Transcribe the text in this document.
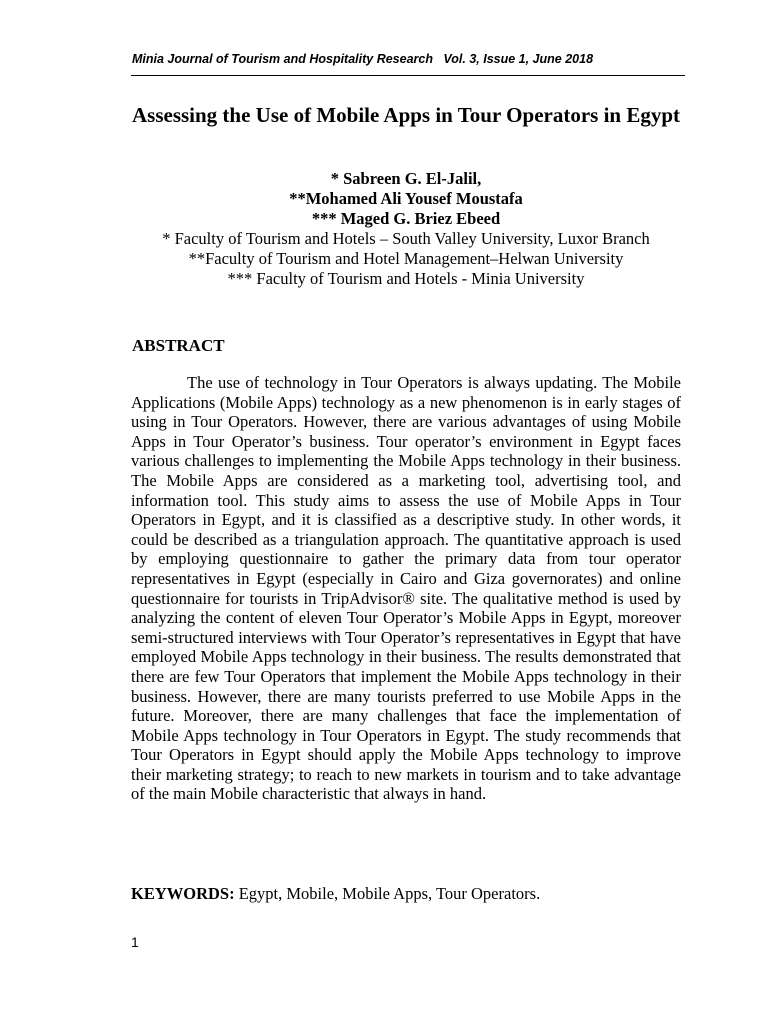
Minia Journal of Tourism and Hospitality Research   Vol. 3, Issue 1, June 2018
Assessing the Use of Mobile Apps in Tour Operators in Egypt
* Sabreen G. El-Jalil,
**Mohamed Ali Yousef Moustafa
*** Maged G. Briez Ebeed
* Faculty of Tourism and Hotels – South Valley University, Luxor Branch
**Faculty of Tourism and Hotel Management–Helwan University
*** Faculty of Tourism and Hotels - Minia University
ABSTRACT
The use of technology in Tour Operators is always updating. The Mobile Applications (Mobile Apps) technology as a new phenomenon is in early stages of using in Tour Operators. However, there are various advantages of using Mobile Apps in Tour Operator’s business. Tour operator’s environment in Egypt faces various challenges to implementing the Mobile Apps technology in their business. The Mobile Apps are considered as a marketing tool, advertising tool, and information tool. This study aims to assess the use of Mobile Apps in Tour Operators in Egypt, and it is classified as a descriptive study. In other words, it could be described as a triangulation approach. The quantitative approach is used by employing questionnaire to gather the primary data from tour operator representatives in Egypt (especially in Cairo and Giza governorates) and online questionnaire for tourists in TripAdvisor® site. The qualitative method is used by analyzing the content of eleven Tour Operator’s Mobile Apps in Egypt, moreover semi-structured interviews with Tour Operator’s representatives in Egypt that have employed Mobile Apps technology in their business. The results demonstrated that there are few Tour Operators that implement the Mobile Apps technology in their business. However, there are many tourists preferred to use Mobile Apps in the future. Moreover, there are many challenges that face the implementation of Mobile Apps technology in Tour Operators in Egypt. The study recommends that Tour Operators in Egypt should apply the Mobile Apps technology to improve their marketing strategy; to reach to new markets in tourism and to take advantage of the main Mobile characteristic that always in hand.
KEYWORDS: Egypt, Mobile, Mobile Apps, Tour Operators.
1
